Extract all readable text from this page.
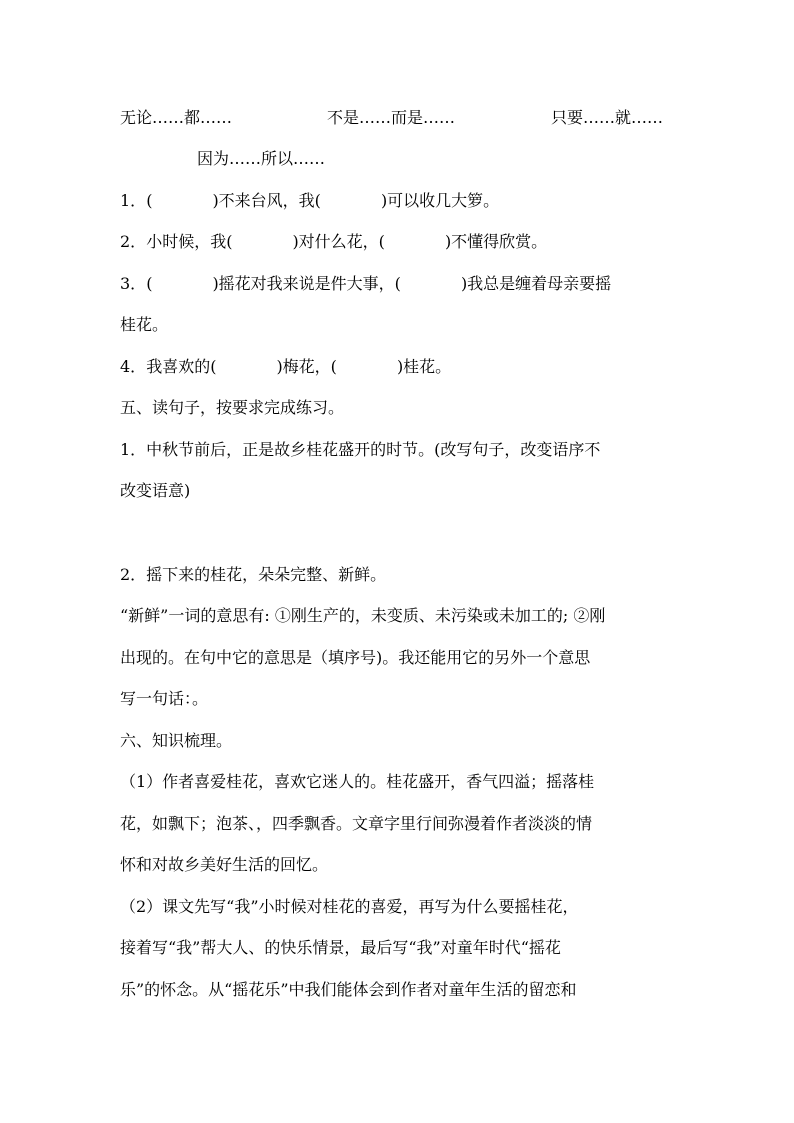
无论……都……	不是……而是……	只要……就……
因为……所以……
1．(	)不来台风，我(	)可以收几大箩。
2．小时候，我(	)对什么花，(	)不懂得欣赏。
3．(	)摇花对我来说是件大事，(	)我总是缠着母亲要摇
桂花。
4．我喜欢的(	)梅花，(	)桂花。
五、读句子，按要求完成练习。
1．中秋节前后，正是故乡桂花盛开的时节。(改写句子，改变语序不
改变语意)
2．摇下来的桂花，朵朵完整、新鲜。
“新鲜”一词的意思有: ①刚生产的，未变质、未污染或未加工的; ②刚
出现的。在句中它的意思是（填序号)。我还能用它的另外一个意思
写一句话：。
六、知识梳理。
（1）作者喜爱桂花，喜欢它迷人的。桂花盛开，香气四溢；摇落桂
花，如飘下；泡茶、，四季飘香。文章字里行间弥漫着作者淡淡的情
怀和对故乡美好生活的回忆。
（2）课文先写“我”小时候对桂花的喜爱，再写为什么要摇桂花，
接着写“我”帮大人、的快乐情景，最后写“我”对童年时代“摇花
乐”的怀念。从“摇花乐”中我们能体会到作者对童年生活的留恋和
